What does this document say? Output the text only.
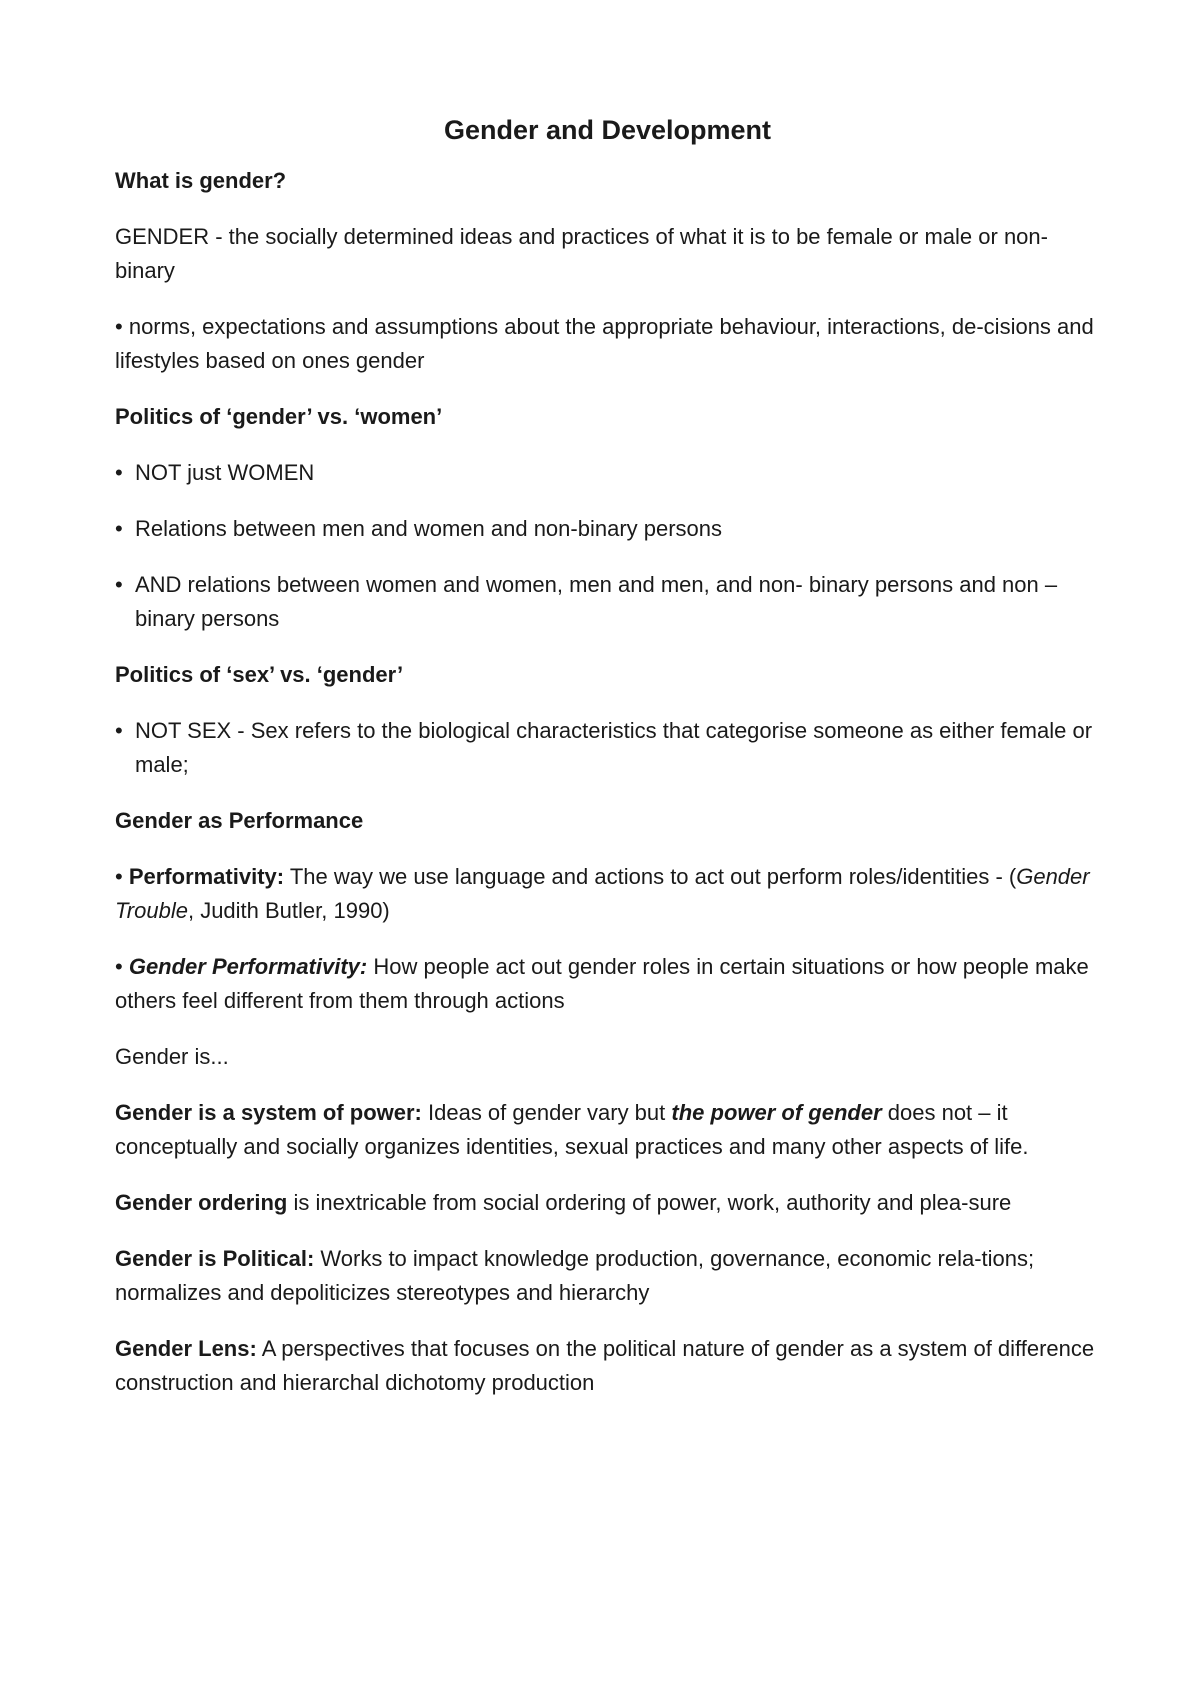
Gender and Development
What is gender?

GENDER - the socially determined ideas and practices of what it is to be female or male or non-binary

• norms, expectations and assumptions about the appropriate behaviour, interactions, de-cisions and lifestyles based on ones gender

Politics of ‘gender’ vs. ‘women’
• NOT just WOMEN
• Relations between men and women and non-binary persons
• AND relations between women and women, men and men, and non- binary persons and non – binary persons
Politics of ‘sex’ vs. ‘gender’
• NOT SEX - Sex refers to the biological characteristics that categorise someone as either female or male;
Gender as Performance

• Performativity: The way we use language and actions to act out perform roles/identities - (Gender Trouble, Judith Butler, 1990)

• Gender Performativity: How people act out gender roles in certain situations or how people make others feel different from them through actions

Gender is...

Gender is a system of power: Ideas of gender vary but the power of gender does not – it conceptually and socially organizes identities, sexual practices and many other aspects of life.

Gender ordering is inextricable from social ordering of power, work, authority and plea-sure

Gender is Political: Works to impact knowledge production, governance, economic rela-tions; normalizes and depoliticizes stereotypes and hierarchy

Gender Lens: A perspectives that focuses on the political nature of gender as a system of difference construction and hierarchal dichotomy production
